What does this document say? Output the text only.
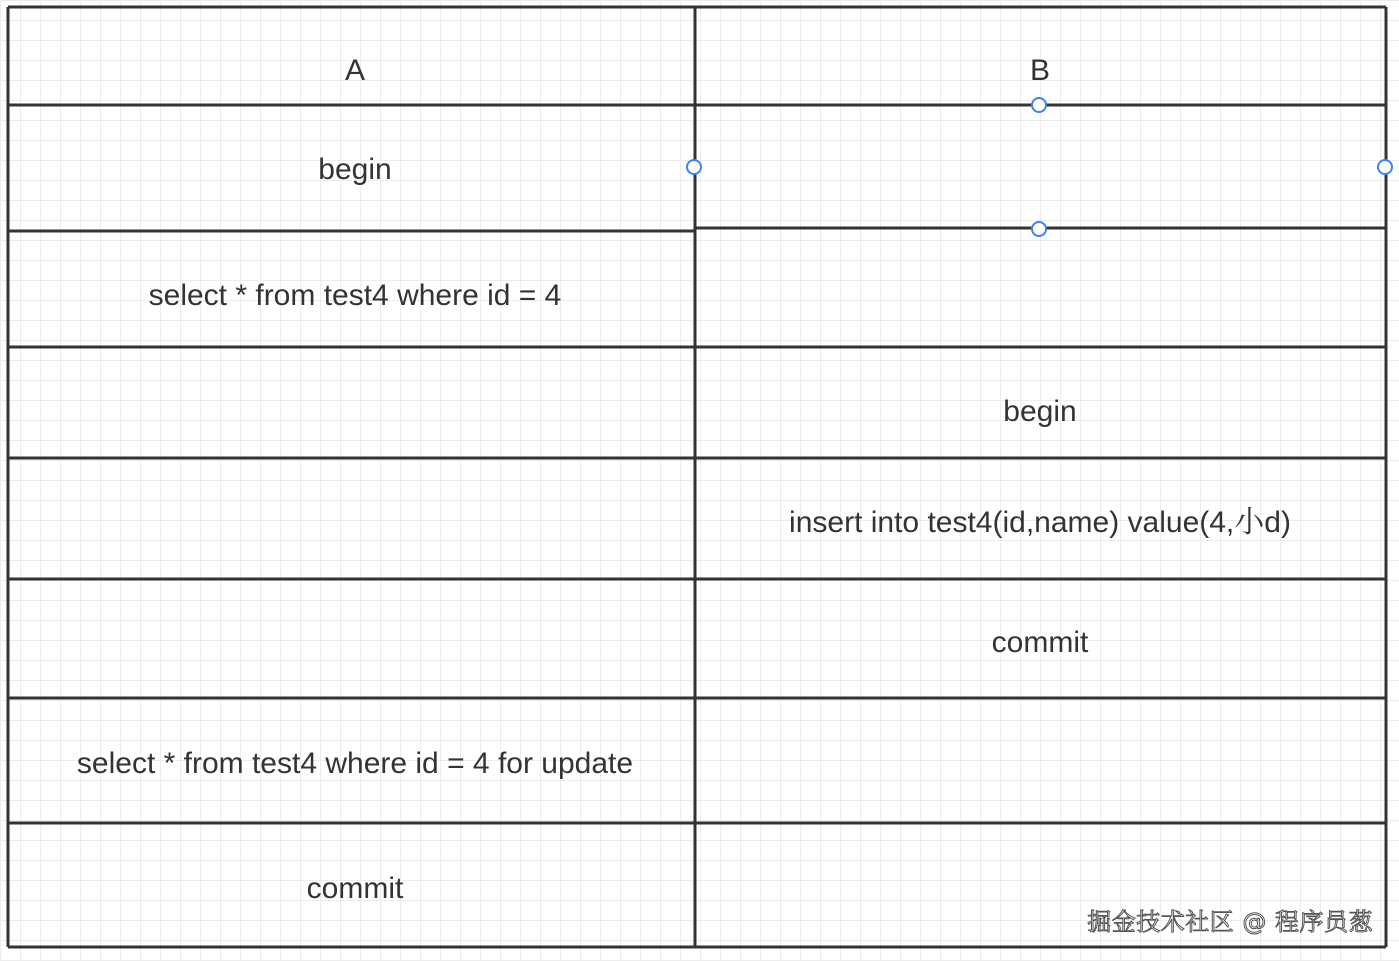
A	B
begin
select * from test4 where id = 4
select * from test4 where id = 4 for update
commit
begin
insert into test4(id,name) value(4,小d)
commit
掘金技术社区 @ 程序员葱
